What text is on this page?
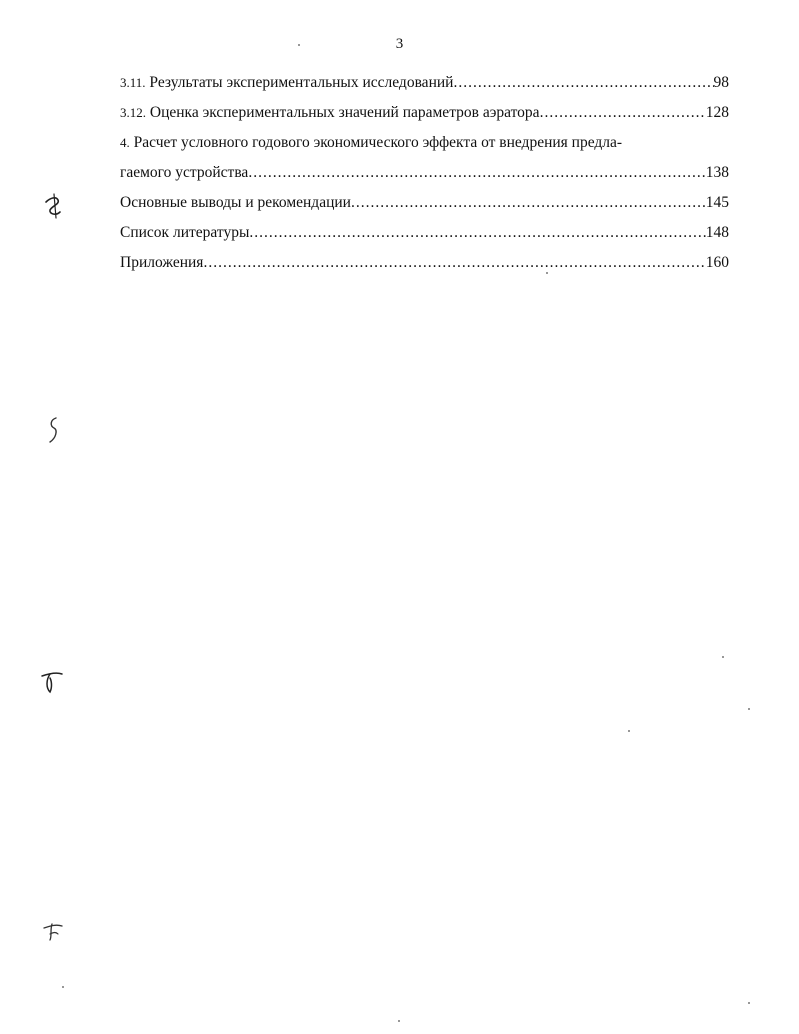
3
3.11. Результаты экспериментальных исследований .....	98
3.12. Оценка экспериментальных значений параметров аэратора .....	128
4. Расчет условного годового экономического эффекта от внедрения предла-
гаемого устройства .....	138
Основные выводы и рекомендации .....	145
Список литературы .....	148
Приложения .....	160
